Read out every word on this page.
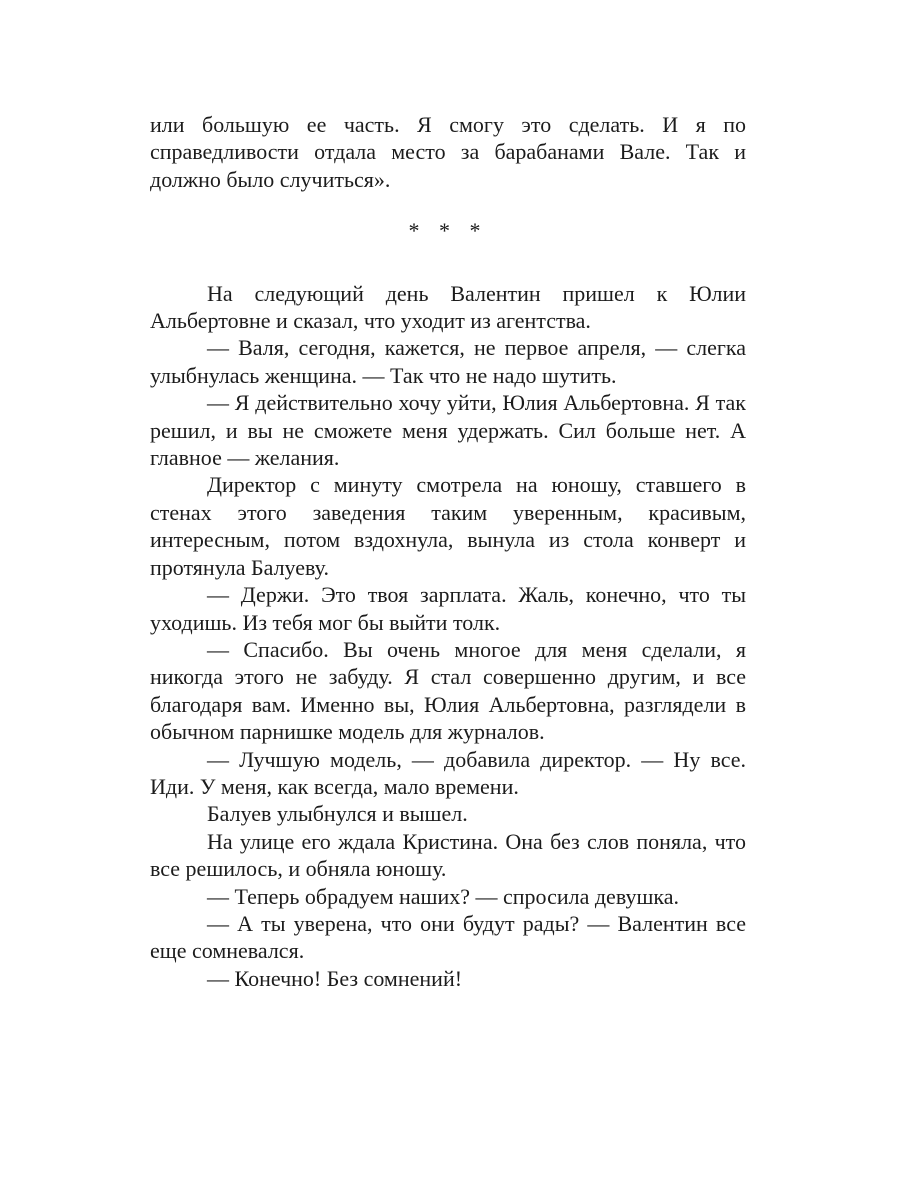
или большую ее часть. Я смогу это сделать. И я по справедливости отдала место за барабанами Вале. Так и должно было случиться».

* * *

На следующий день Валентин пришел к Юлии Альбертовне и сказал, что уходит из агентства.

— Валя, сегодня, кажется, не первое апреля, — слегка улыбнулась женщина. — Так что не надо шутить.

— Я действительно хочу уйти, Юлия Альбертовна. Я так решил, и вы не сможете меня удержать. Сил больше нет. А главное — желания.

Директор с минуту смотрела на юношу, ставшего в стенах этого заведения таким уверенным, красивым, интересным, потом вздохнула, вынула из стола конверт и протянула Балуеву.

— Держи. Это твоя зарплата. Жаль, конечно, что ты уходишь. Из тебя мог бы выйти толк.

— Спасибо. Вы очень многое для меня сделали, я никогда этого не забуду. Я стал совершенно другим, и все благодаря вам. Именно вы, Юлия Альбертовна, разглядели в обычном парнишке модель для журналов.

— Лучшую модель, — добавила директор. — Ну все. Иди. У меня, как всегда, мало времени.

Балуев улыбнулся и вышел.

На улице его ждала Кристина. Она без слов поняла, что все решилось, и обняла юношу.

— Теперь обрадуем наших? — спросила девушка.

— А ты уверена, что они будут рады? — Валентин все еще сомневался.

— Конечно! Без сомнений!
